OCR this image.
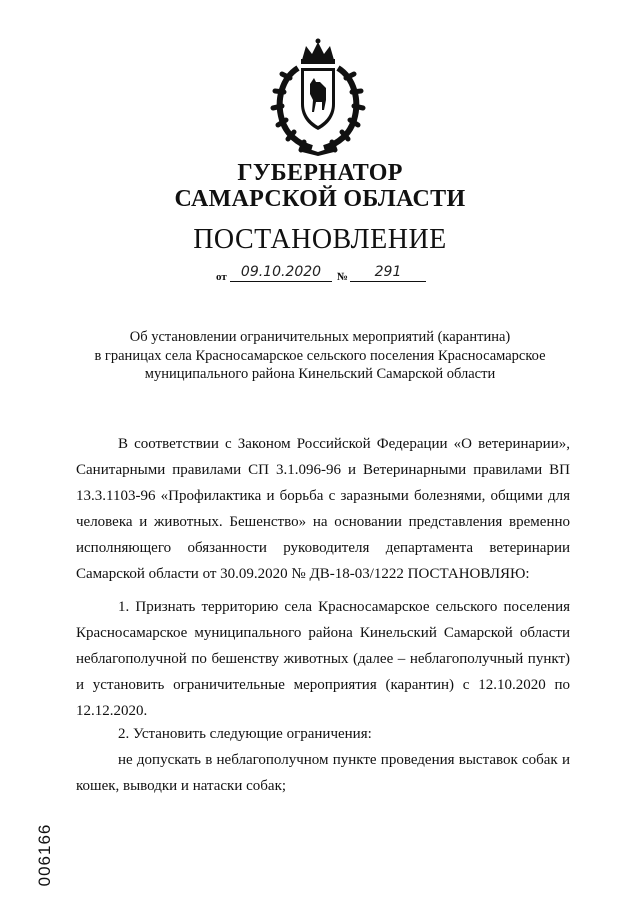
ГУБЕРНАТОР
САМАРСКОЙ ОБЛАСТИ
ПОСТАНОВЛЕНИЕ
от	09.10.2020	№	291
Об установлении ограничительных мероприятий (карантина)
в границах села Красносамарское сельского поселения Красносамарское
муниципального района Кинельский Самарской области
В соответствии с Законом Российской Федерации «О ветеринарии», Санитарными правилами СП 3.1.096-96 и Ветеринарными правилами ВП 13.3.1103-96 «Профилактика и борьба с заразными болезнями, общими для человека и животных. Бешенство» на основании представления временно исполняющего обязанности руководителя департамента ветеринарии Самарской области от 30.09.2020 № ДВ-18-03/1222 ПОСТАНОВЛЯЮ:
1. Признать территорию села Красносамарское сельского поселения Красносамарское муниципального района Кинельский Самарской области неблагополучной по бешенству животных (далее – неблагополучный пункт) и установить ограничительные мероприятия (карантин) с 12.10.2020 по 12.12.2020.
2. Установить следующие ограничения:
не допускать в неблагополучном пункте проведения выставок собак и кошек, выводки и натаски собак;
006166
